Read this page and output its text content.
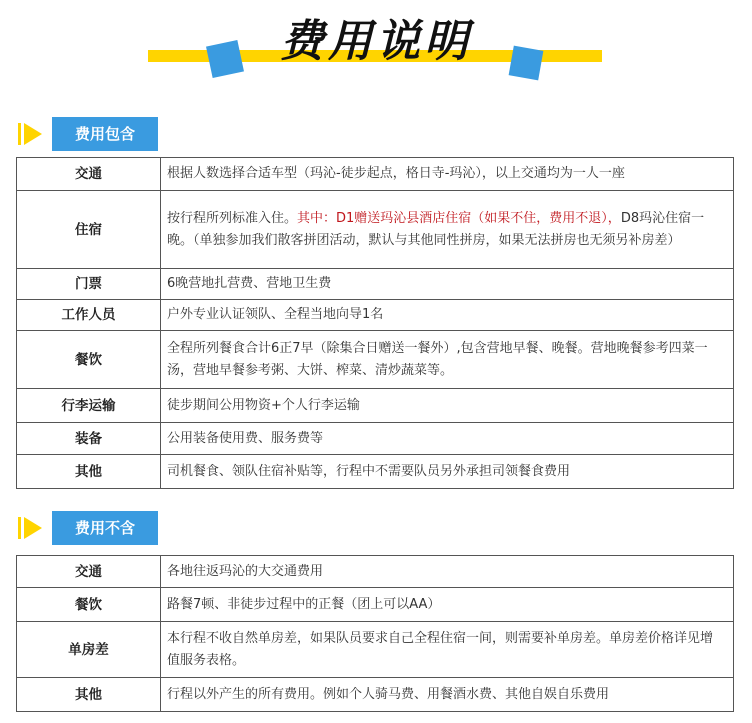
费用说明
费用包含
交通	根据人数选择合适车型（玛沁-徒步起点，格日寺-玛沁），以上交通均为一人一座
住宿	按行程所列标准入住。其中：D1赠送玛沁县酒店住宿（如果不住，费用不退），D8玛沁住宿一晚。（单独参加我们散客拼团活动，默认与其他同性拼房，如果无法拼房也无须另补房差）
门票	6晚营地扎营费、营地卫生费
工作人员	户外专业认证领队、全程当地向导1名
餐饮	全程所列餐食合计6正7早（除集合日赠送一餐外）,包含营地早餐、晚餐。营地晚餐参考四菜一汤，营地早餐参考粥、大饼、榨菜、清炒蔬菜等。
行李运输	徒步期间公用物资+个人行李运输
装备	公用装备使用费、服务费等
其他	司机餐食、领队住宿补贴等，行程中不需要队员另外承担司领餐食费用
费用不含
交通	各地往返玛沁的大交通费用
餐饮	路餐7顿、非徒步过程中的正餐（团上可以AA）
单房差	本行程不收自然单房差，如果队员要求自己全程住宿一间，则需要补单房差。单房差价格详见增值服务表格。
其他	行程以外产生的所有费用。例如个人骑马费、用餐酒水费、其他自娱自乐费用
